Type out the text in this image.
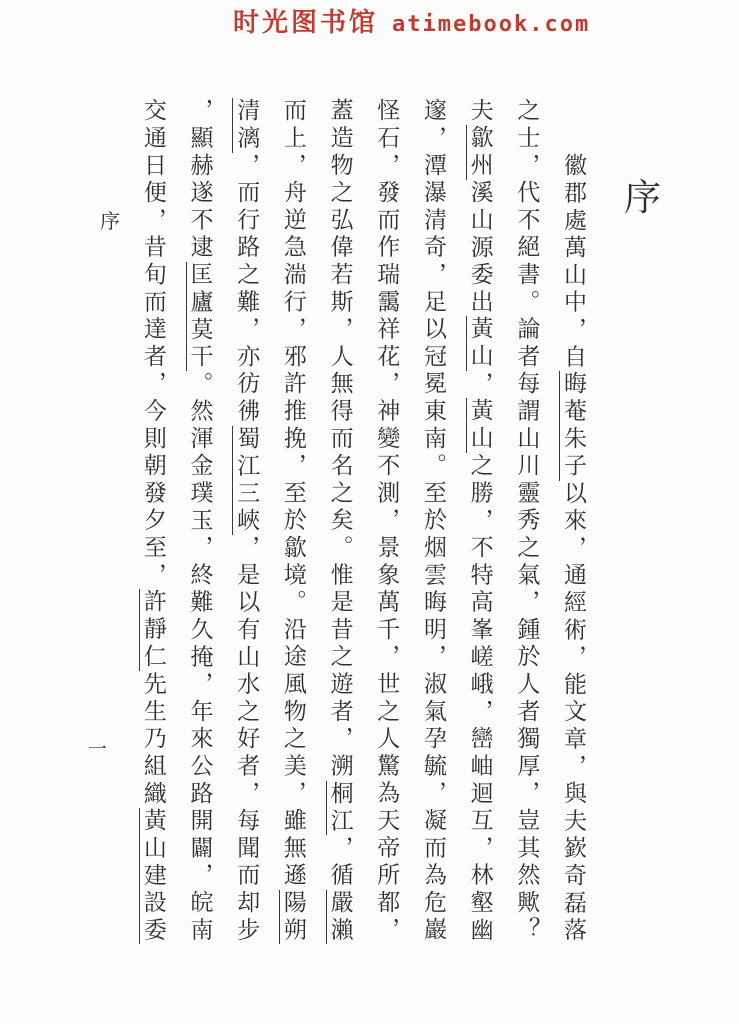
时光图书馆 atimebook.com
序
序
一
徽郡處萬山中，自晦菴朱子以來，通經術，能文章，與夫嶔奇磊落
之士，代不絕書。論者每謂山川靈秀之氣，鍾於人者獨厚，豈其然歟？
夫歙州溪山源委出黃山，黃山之勝，不特高峯嵯峨，巒岫迴互，林壑幽
邃，潭瀑清奇，足以冠冕東南。至於烟雲晦明，淑氣孕毓，凝而為危巖
怪石，發而作瑞靄祥花，神變不測，景象萬千，世之人驚為天帝所都，
蓋造物之弘偉若斯，人無得而名之矣。惟是昔之遊者，溯桐江，循嚴瀨
而上，舟逆急湍行，邪許推挽，至於歙境。沿途風物之美，雖無遜陽朔
清漓，而行路之難，亦彷彿蜀江三峽，是以有山水之好者，每聞而却步
，顯赫遂不逮匡廬莫干。然渾金璞玉，終難久掩，年來公路開闢，皖南
交通日便，昔旬而達者，今則朝發夕至，許靜仁先生乃組織黃山建設委
